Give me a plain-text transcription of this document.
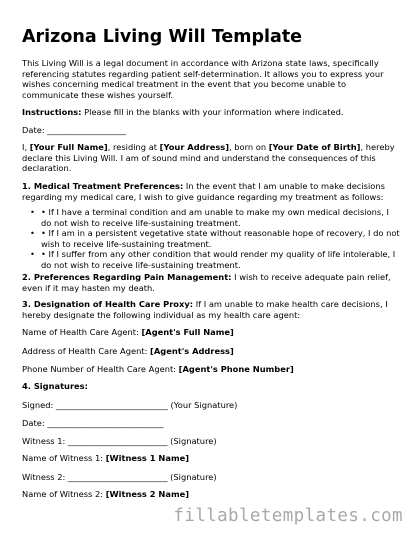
Arizona Living Will Template

This Living Will is a legal document in accordance with Arizona state laws, specifically referencing statutes regarding patient self-determination. It allows you to express your wishes concerning medical treatment in the event that you become unable to communicate these wishes yourself.

Instructions: Please fill in the blanks with your information where indicated.

Date: ___________________

I, [Your Full Name], residing at [Your Address], born on [Your Date of Birth], hereby declare this Living Will. I am of sound mind and understand the consequences of this declaration.

1. Medical Treatment Preferences: In the event that I am unable to make decisions regarding my medical care, I wish to give guidance regarding my treatment as follows:

• • If I have a terminal condition and am unable to make my own medical decisions, I do not wish to receive life-sustaining treatment.
• • If I am in a persistent vegetative state without reasonable hope of recovery, I do not wish to receive life-sustaining treatment.
• • If I suffer from any other condition that would render my quality of life intolerable, I do not wish to receive life-sustaining treatment.

2. Preferences Regarding Pain Management: I wish to receive adequate pain relief, even if it may hasten my death.

3. Designation of Health Care Proxy: If I am unable to make health care decisions, I hereby designate the following individual as my health care agent:

Name of Health Care Agent: [Agent's Full Name]

Address of Health Care Agent: [Agent's Address]

Phone Number of Health Care Agent: [Agent's Phone Number]

4. Signatures:

Signed: ___________________________ (Your Signature)

Date: ____________________________

Witness 1: ________________________ (Signature)

Name of Witness 1: [Witness 1 Name]

Witness 2: ________________________ (Signature)

Name of Witness 2: [Witness 2 Name]

fillabletemplates.com
